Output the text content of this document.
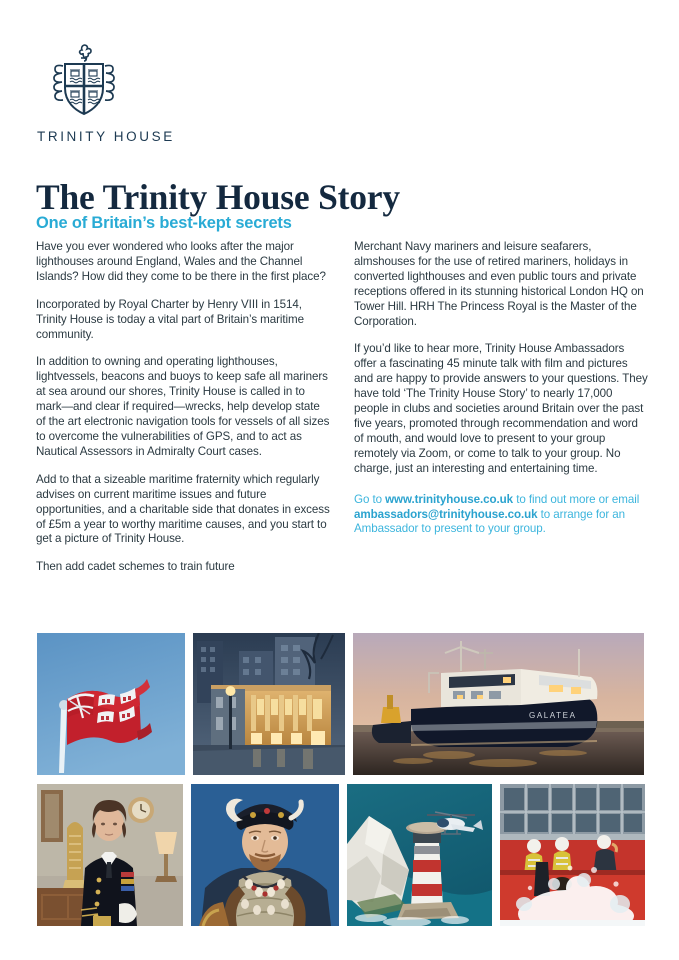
TRINITY HOUSE
The Trinity House Story
One of Britain’s best-kept secrets

Have you ever wondered who looks after the major lighthouses around England, Wales and the Channel Islands? How did they come to be there in the first place?

Incorporated by Royal Charter by Henry VIII in 1514, Trinity House is today a vital part of Britain’s maritime community.

In addition to owning and operating lighthouses, lightvessels, beacons and buoys to keep safe all mariners at sea around our shores, Trinity House is called in to mark—and clear if required—wrecks, help develop state of the art electronic navigation tools for vessels of all sizes to overcome the vulnerabilities of GPS, and to act as Nautical Assessors in Admiralty Court cases.

Add to that a sizeable maritime fraternity which regularly advises on current maritime issues and future opportunities, and a charitable side that donates in excess of £5m a year to worthy maritime causes, and you start to get a picture of Trinity House.

Then add cadet schemes to train future

Merchant Navy mariners and leisure seafarers, almshouses for the use of retired mariners, holidays in converted lighthouses and even public tours and private receptions offered in its stunning historical London HQ on Tower Hill. HRH The Princess Royal is the Master of the Corporation.

If you’d like to hear more, Trinity House Ambassadors offer a fascinating 45 minute talk with film and pictures and are happy to provide answers to your questions. They have told ‘The Trinity House Story’ to nearly 17,000 people in clubs and societies around Britain over the past five years, promoted through recommendation and word of mouth, and would love to present to your group remotely via Zoom, or come to talk to your group. No charge, just an interesting and entertaining time.

Go to www.trinityhouse.co.uk to find out more or email ambassadors@trinityhouse.co.uk to arrange for an Ambassador to present to your group.

GALATEA
